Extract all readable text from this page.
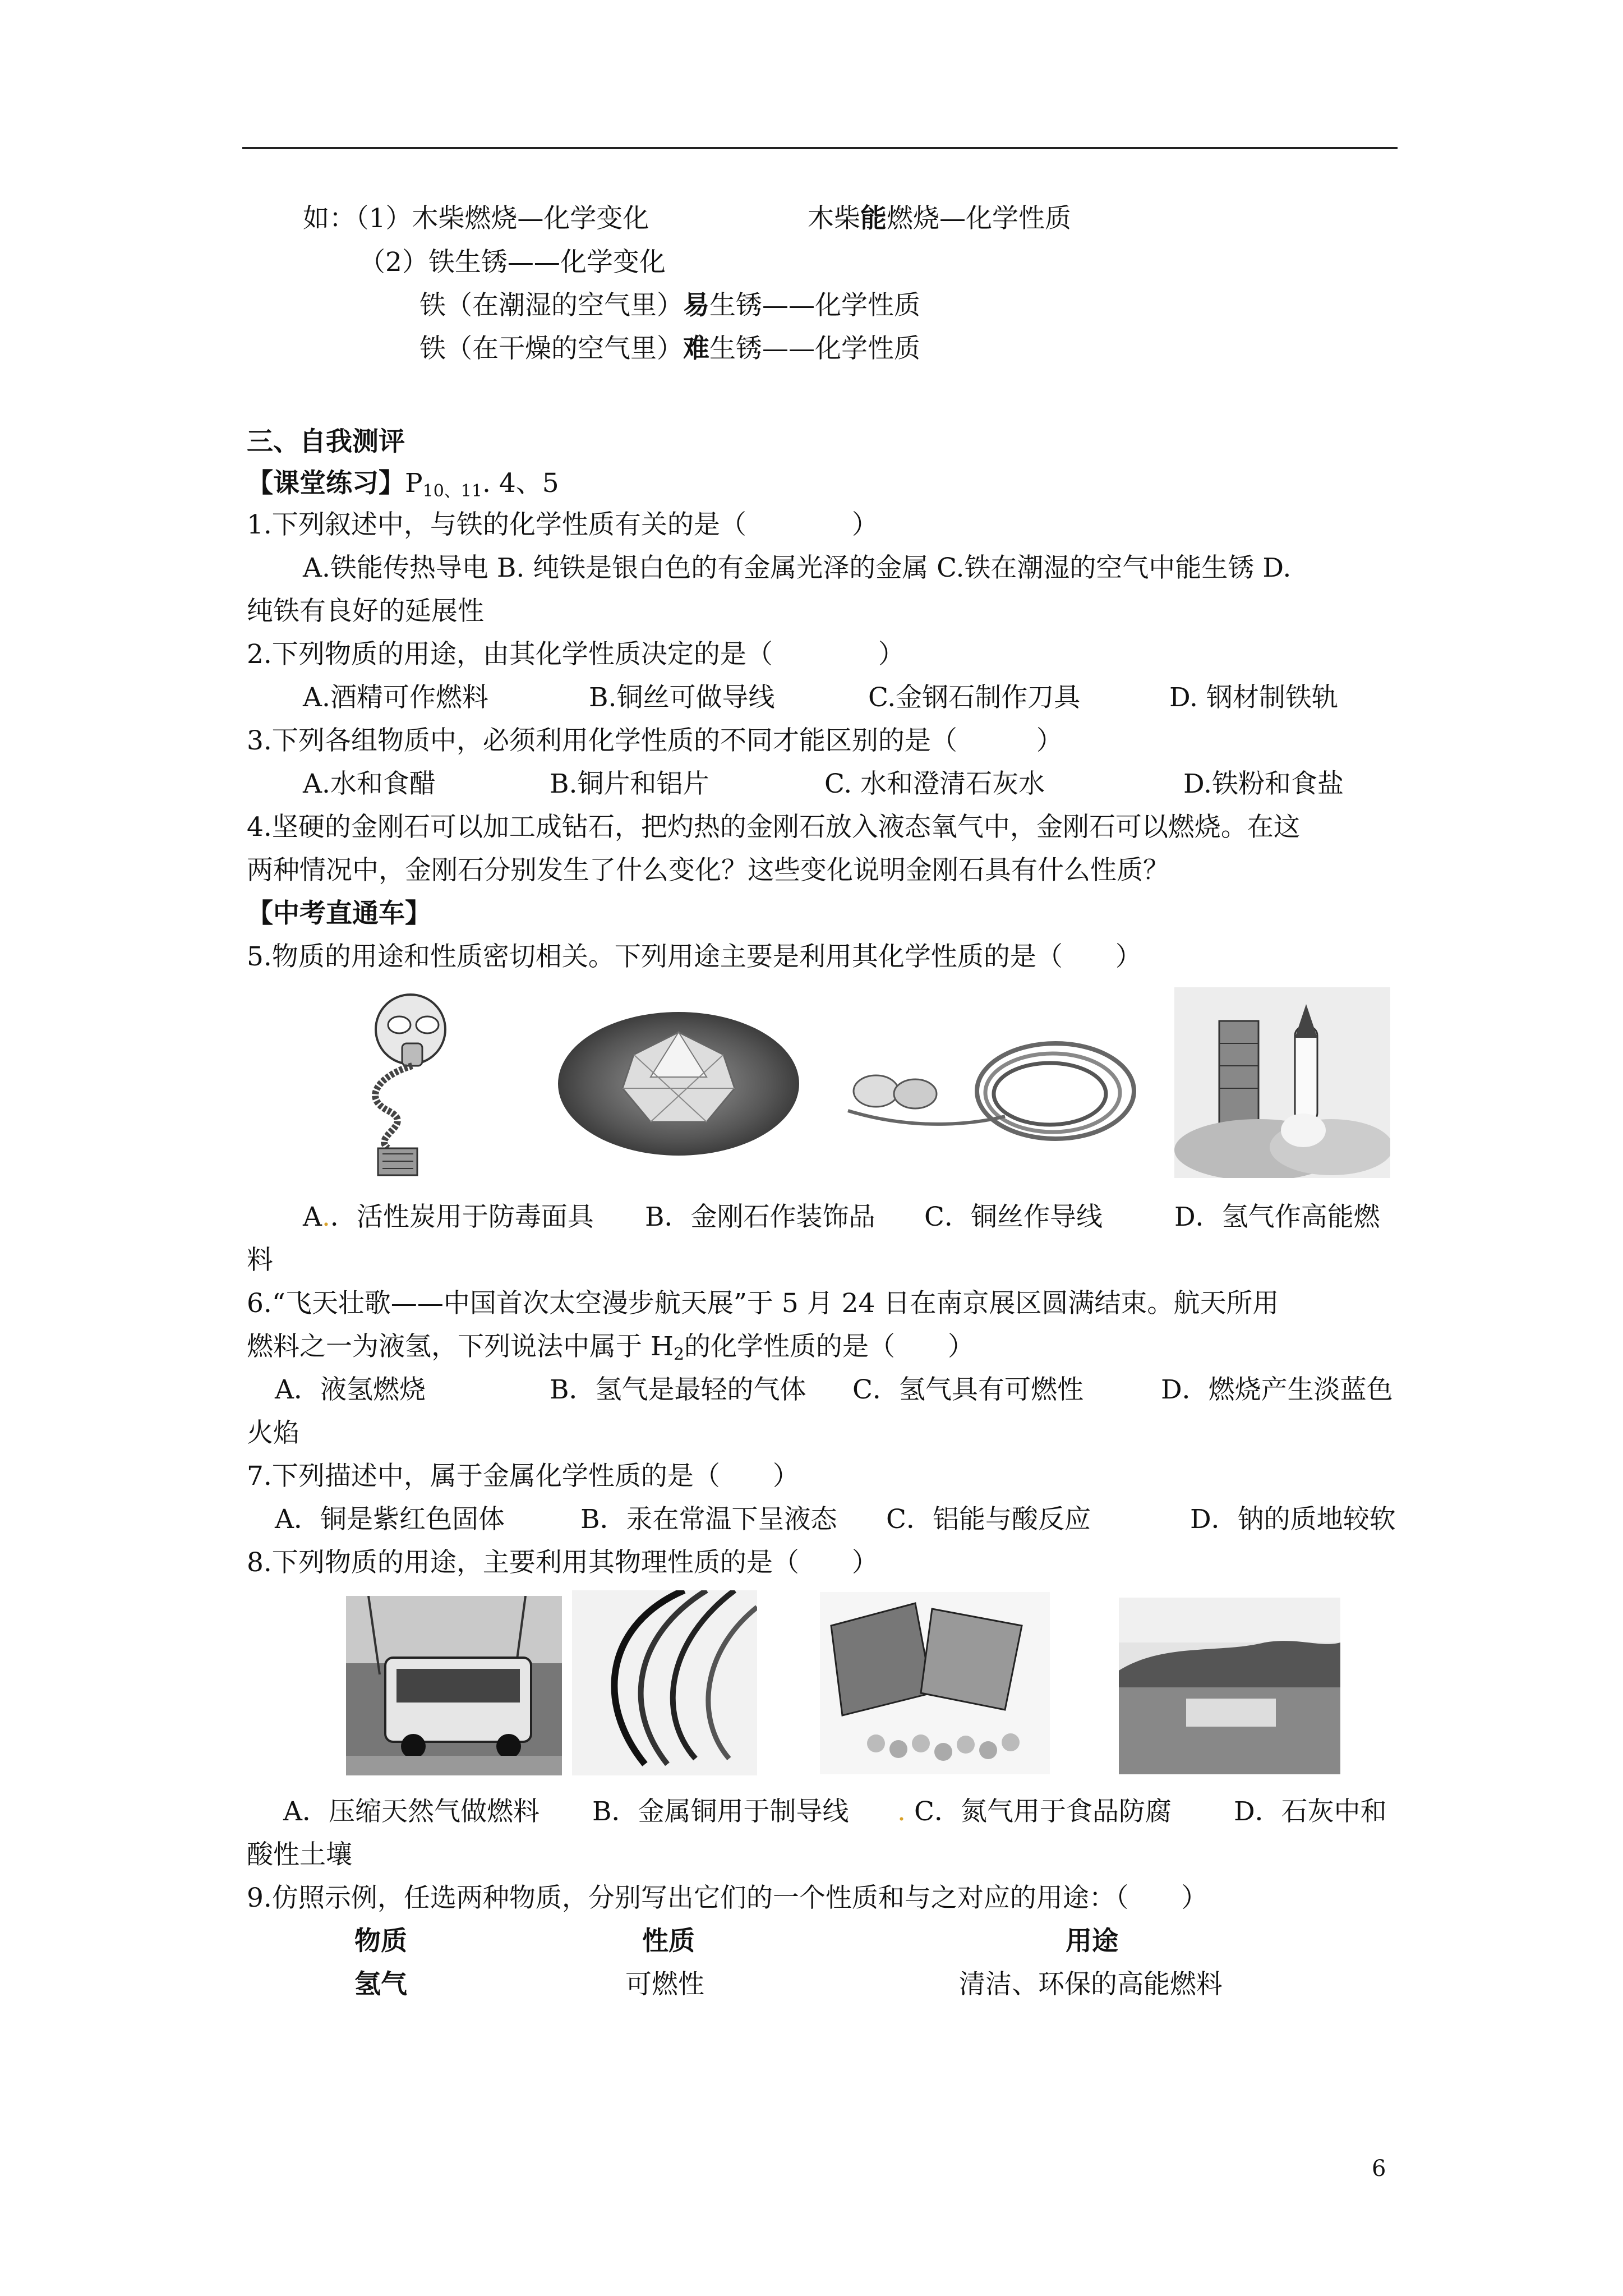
如：（1）木柴燃烧—化学变化	木柴能燃烧—化学性质
（2）铁生锈——化学变化
铁（在潮湿的空气里）易生锈——化学性质
铁（在干燥的空气里）难生锈——化学性质
三、自我测评
【课堂练习】$P_{10、11}$. 4、5
1.下列叙述中，与铁的化学性质有关的是（　　　　）
A.铁能传热导电 B. 纯铁是银白色的有金属光泽的金属 C.铁在潮湿的空气中能生锈 D.
纯铁有良好的延展性
2.下列物质的用途，由其化学性质决定的是（　　　　）
A.酒精可作燃料	B.铜丝可做导线	C.金钢石制作刀具	D. 钢材制铁轨
3.下列各组物质中，必须利用化学性质的不同才能区别的是（　　　）
A.水和食醋	B.铜片和铝片	C. 水和澄清石灰水	D.铁粉和食盐
4.坚硬的金刚石可以加工成钻石，把灼热的金刚石放入液态氧气中，金刚石可以燃烧。在这
两种情况中，金刚石分别发生了什么变化？这些变化说明金刚石具有什么性质？
【中考直通车】
5.物质的用途和性质密切相关。下列用途主要是利用其化学性质的是（　　）
A.．活性炭用于防毒面具 B．金刚石作装饰品 C．铜丝作导线	D．氢气作高能燃
料
6.“飞天壮歌——中国首次太空漫步航天展”于 5 月 24 日在南京展区圆满结束。航天所用
燃料之一为液氢，下列说法中属于 $H_2$的化学性质的是（　　）
A．液氢燃烧	B．氢气是最轻的气体 C．氢气具有可燃性	D．燃烧产生淡蓝色
火焰
7.下列描述中，属于金属化学性质的是（　　）
A．铜是紫红色固体	B．汞在常温下呈液态 C．铝能与酸反应	D．钠的质地较软
8.下列物质的用途，主要利用其物理性质的是（　　）
A．压缩天然气做燃料 B．金属铜用于制导线 . C．氮气用于食品防腐 D．石灰中和
酸性土壤
9.仿照示例，任选两种物质，分别写出它们的一个性质和与之对应的用途：（　　）
物质	性质	用途
氢气	可燃性	清洁、环保的高能燃料
6
